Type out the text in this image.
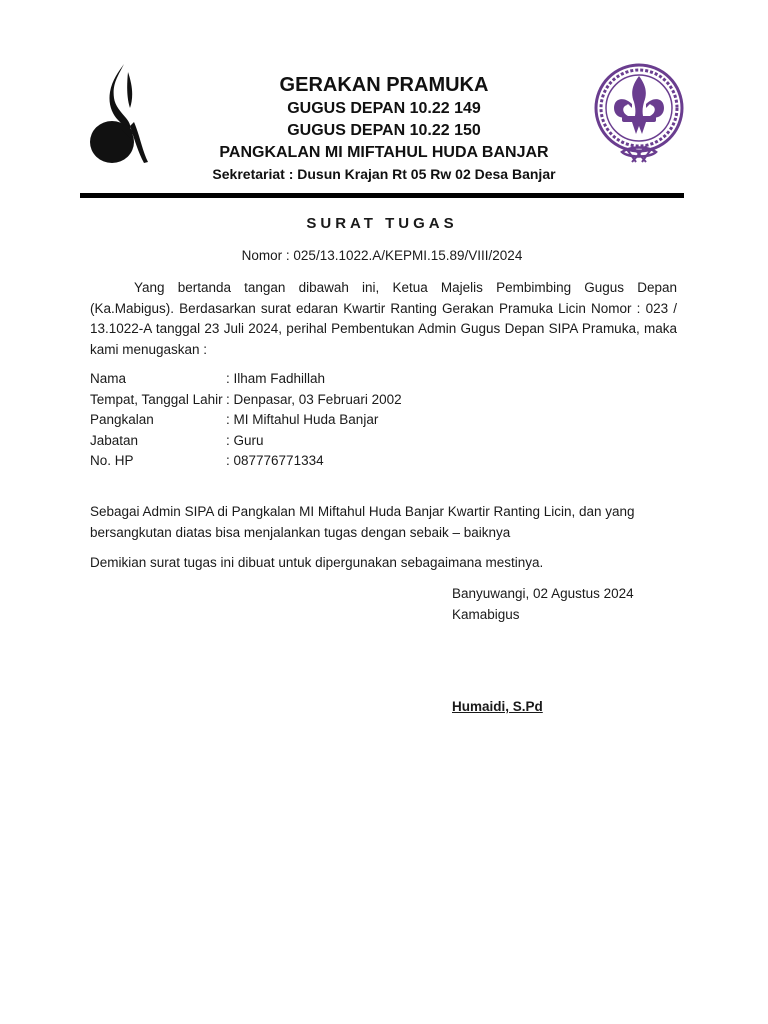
GERAKAN PRAMUKA
GUGUS DEPAN 10.22 149
GUGUS DEPAN 10.22 150
PANGKALAN MI MIFTAHUL HUDA BANJAR
Sekretariat : Dusun Krajan Rt 05 Rw 02 Desa Banjar
SURAT TUGAS
Nomor : 025/13.1022.A/KEPMI.15.89/VIII/2024
Yang bertanda tangan dibawah ini, Ketua Majelis Pembimbing Gugus Depan (Ka.Mabigus). Berdasarkan surat edaran Kwartir Ranting Gerakan Pramuka Licin Nomor : 023 / 13.1022-A tanggal 23 Juli 2024, perihal Pembentukan Admin Gugus Depan SIPA Pramuka, maka kami menugaskan :
Nama	: Ilham Fadhillah
Tempat, Tanggal Lahir : Denpasar, 03 Februari 2002
Pangkalan	: MI Miftahul Huda Banjar
Jabatan	: Guru
No. HP	: 087776771334
Sebagai Admin SIPA di Pangkalan MI Miftahul Huda Banjar Kwartir Ranting Licin, dan yang bersangkutan diatas bisa menjalankan tugas dengan sebaik – baiknya
Demikian surat tugas ini dibuat untuk dipergunakan sebagaimana mestinya.
Banyuwangi, 02 Agustus 2024
Kamabigus
Humaidi, S.Pd
